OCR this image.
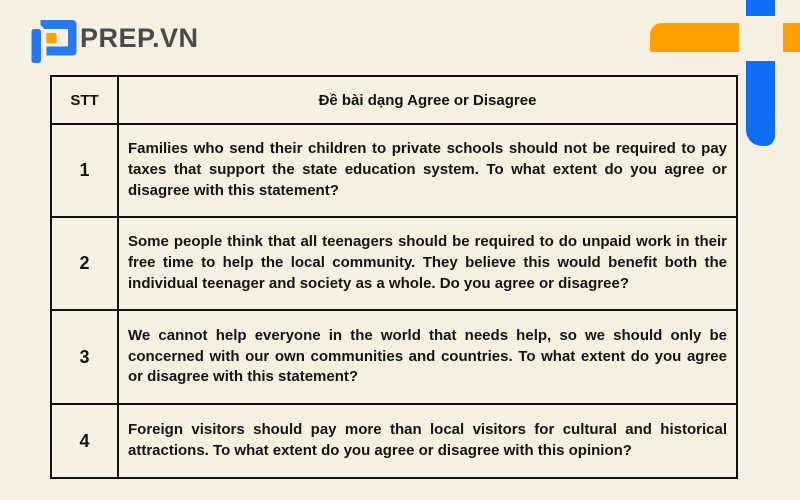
PREP.VN
STT	Đề bài dạng Agree or Disagree
1	Families who send their children to private schools should not be required to pay taxes that support the state education system. To what extent do you agree or disagree with this statement?
2	Some people think that all teenagers should be required to do unpaid work in their free time to help the local community. They believe this would benefit both the individual teenager and society as a whole. Do you agree or disagree?
3	We cannot help everyone in the world that needs help, so we should only be concerned with our own communities and countries. To what extent do you agree or disagree with this statement?
4	Foreign visitors should pay more than local visitors for cultural and historical attractions. To what extent do you agree or disagree with this opinion?
